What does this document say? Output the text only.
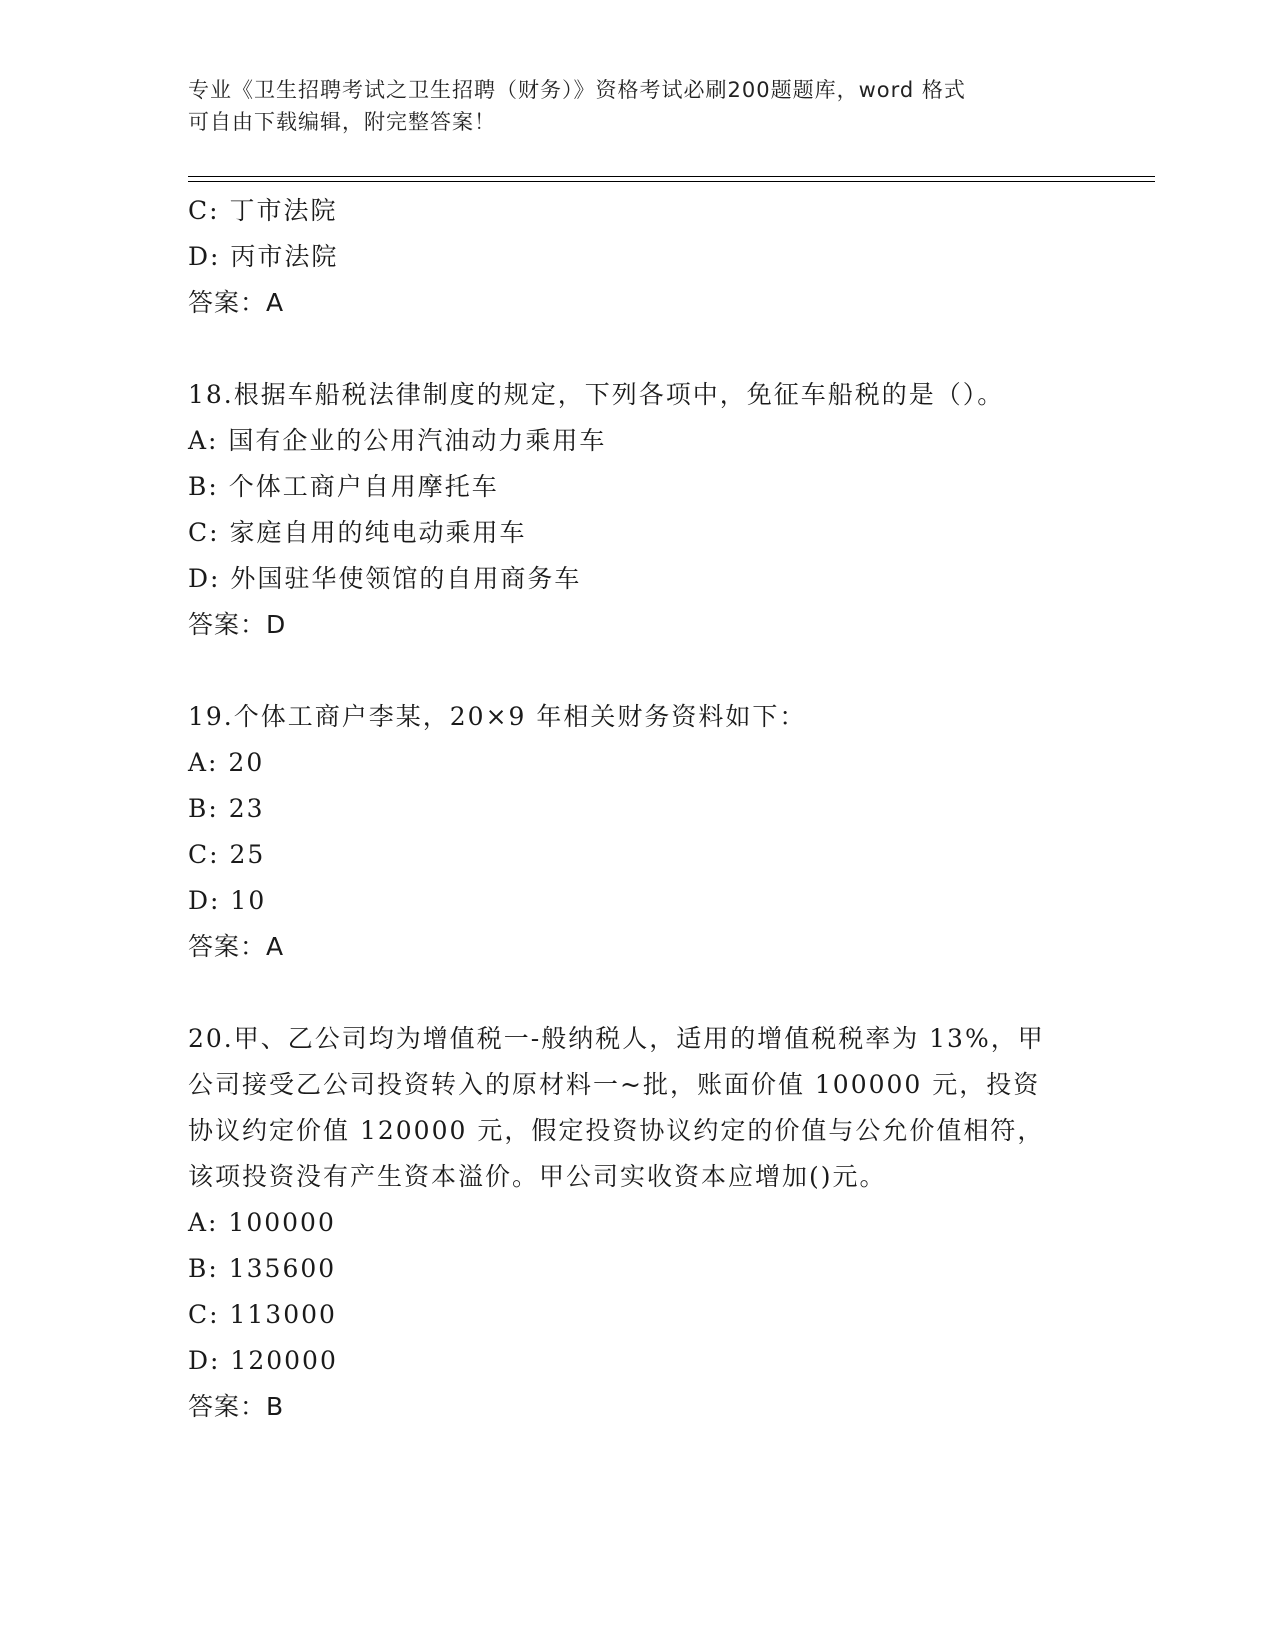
专业《卫生招聘考试之卫生招聘（财务）》资格考试必刷200题题库，word 格式
可自由下载编辑，附完整答案！
C: 丁市法院
D: 丙市法院
答案：A
18.根据车船税法律制度的规定，下列各项中，免征车船税的是（）。
A: 国有企业的公用汽油动力乘用车
B: 个体工商户自用摩托车
C: 家庭自用的纯电动乘用车
D: 外国驻华使领馆的自用商务车
答案：D
19.个体工商户李某，20×9 年相关财务资料如下：
A: 20
B: 23
C: 25
D: 10
答案：A
20.甲、乙公司均为增值税一-般纳税人，适用的增值税税率为 13%，甲
公司接受乙公司投资转入的原材料一~批，账面价值 100000 元，投资
协议约定价值 120000 元，假定投资协议约定的价值与公允价值相符，
该项投资没有产生资本溢价。甲公司实收资本应增加()元。
A: 100000
B: 135600
C: 113000
D: 120000
答案：B
